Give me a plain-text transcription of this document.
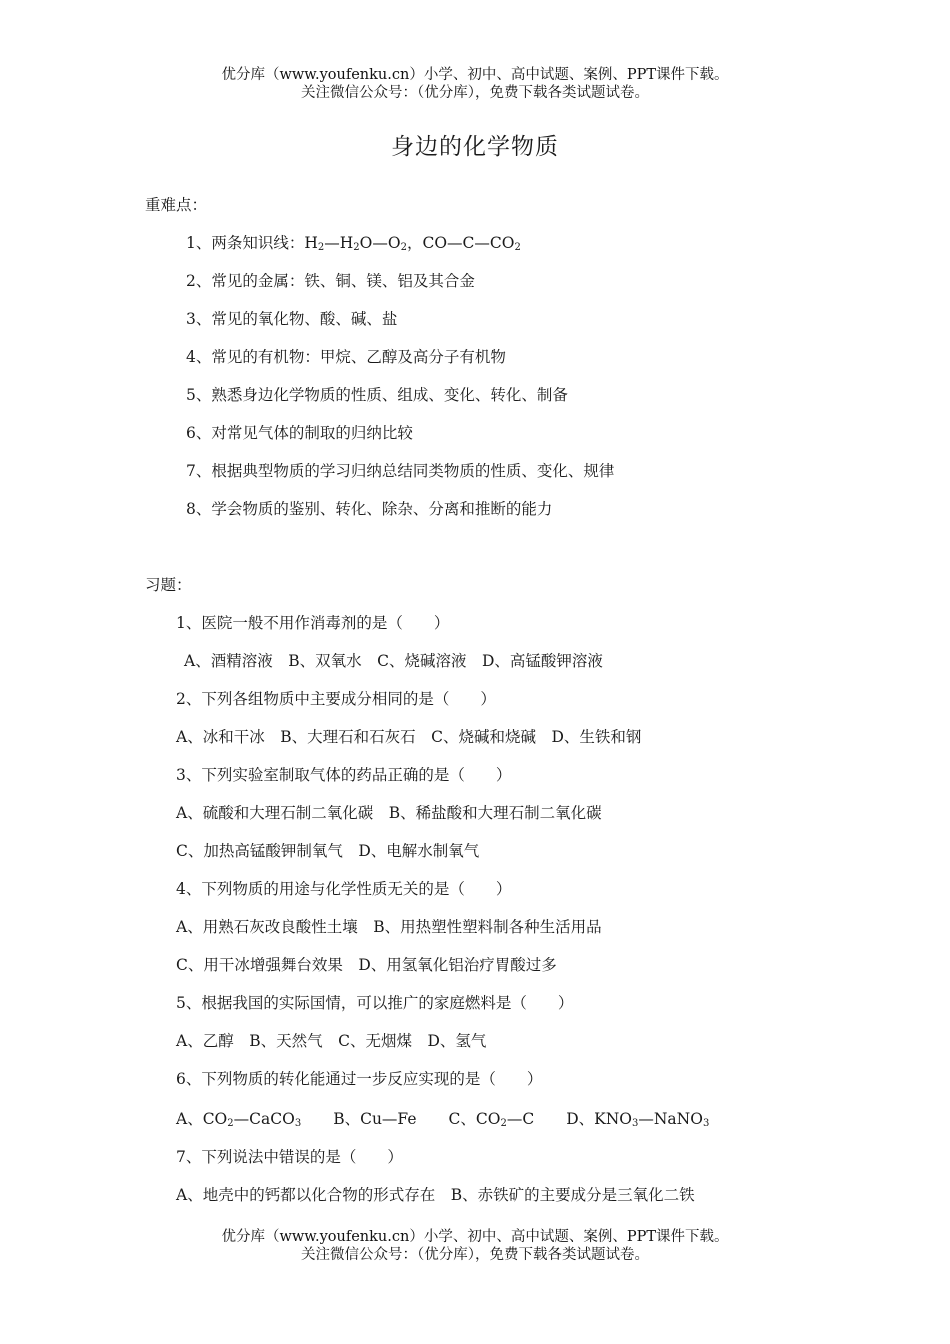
优分库（www.youfenku.cn）小学、初中、高中试题、案例、PPT课件下载。
关注微信公众号：（优分库），免费下载各类试题试卷。
身边的化学物质
重难点：
1、两条知识线：$H_2—H_2O—O_2$，$CO—C—CO_2$
2、常见的金属：铁、铜、镁、铝及其合金
3、常见的氧化物、酸、碱、盐
4、常见的有机物：甲烷、乙醇及高分子有机物
5、熟悉身边化学物质的性质、组成、变化、转化、制备
6、对常见气体的制取的归纳比较
7、根据典型物质的学习归纳总结同类物质的性质、变化、规律
8、学会物质的鉴别、转化、除杂、分离和推断的能力
习题：
1、医院一般不用作消毒剂的是（　　）
A、酒精溶液　B、双氧水　C、烧碱溶液　D、高锰酸钾溶液
2、下列各组物质中主要成分相同的是（　　）
A、冰和干冰　B、大理石和石灰石　C、烧碱和烧碱　D、生铁和钢
3、下列实验室制取气体的药品正确的是（　　）
A、硫酸和大理石制二氧化碳　B、稀盐酸和大理石制二氧化碳
C、加热高锰酸钾制氧气　D、电解水制氧气
4、下列物质的用途与化学性质无关的是（　　）
A、用熟石灰改良酸性土壤　B、用热塑性塑料制各种生活用品
C、用干冰增强舞台效果　D、用氢氧化铝治疗胃酸过多
5、根据我国的实际国情，可以推广的家庭燃料是（　　）
A、乙醇　B、天然气　C、无烟煤　D、氢气
6、下列物质的转化能通过一步反应实现的是（　　）
A、$CO_2—CaCO_3$ B、Cu—Fe C、$CO_2—C$ D、$KNO_3—NaNO_3$
7、下列说法中错误的是（　　）
A、地壳中的钙都以化合物的形式存在　B、赤铁矿的主要成分是三氧化二铁
优分库（www.youfenku.cn）小学、初中、高中试题、案例、PPT课件下载。
关注微信公众号：（优分库），免费下载各类试题试卷。
